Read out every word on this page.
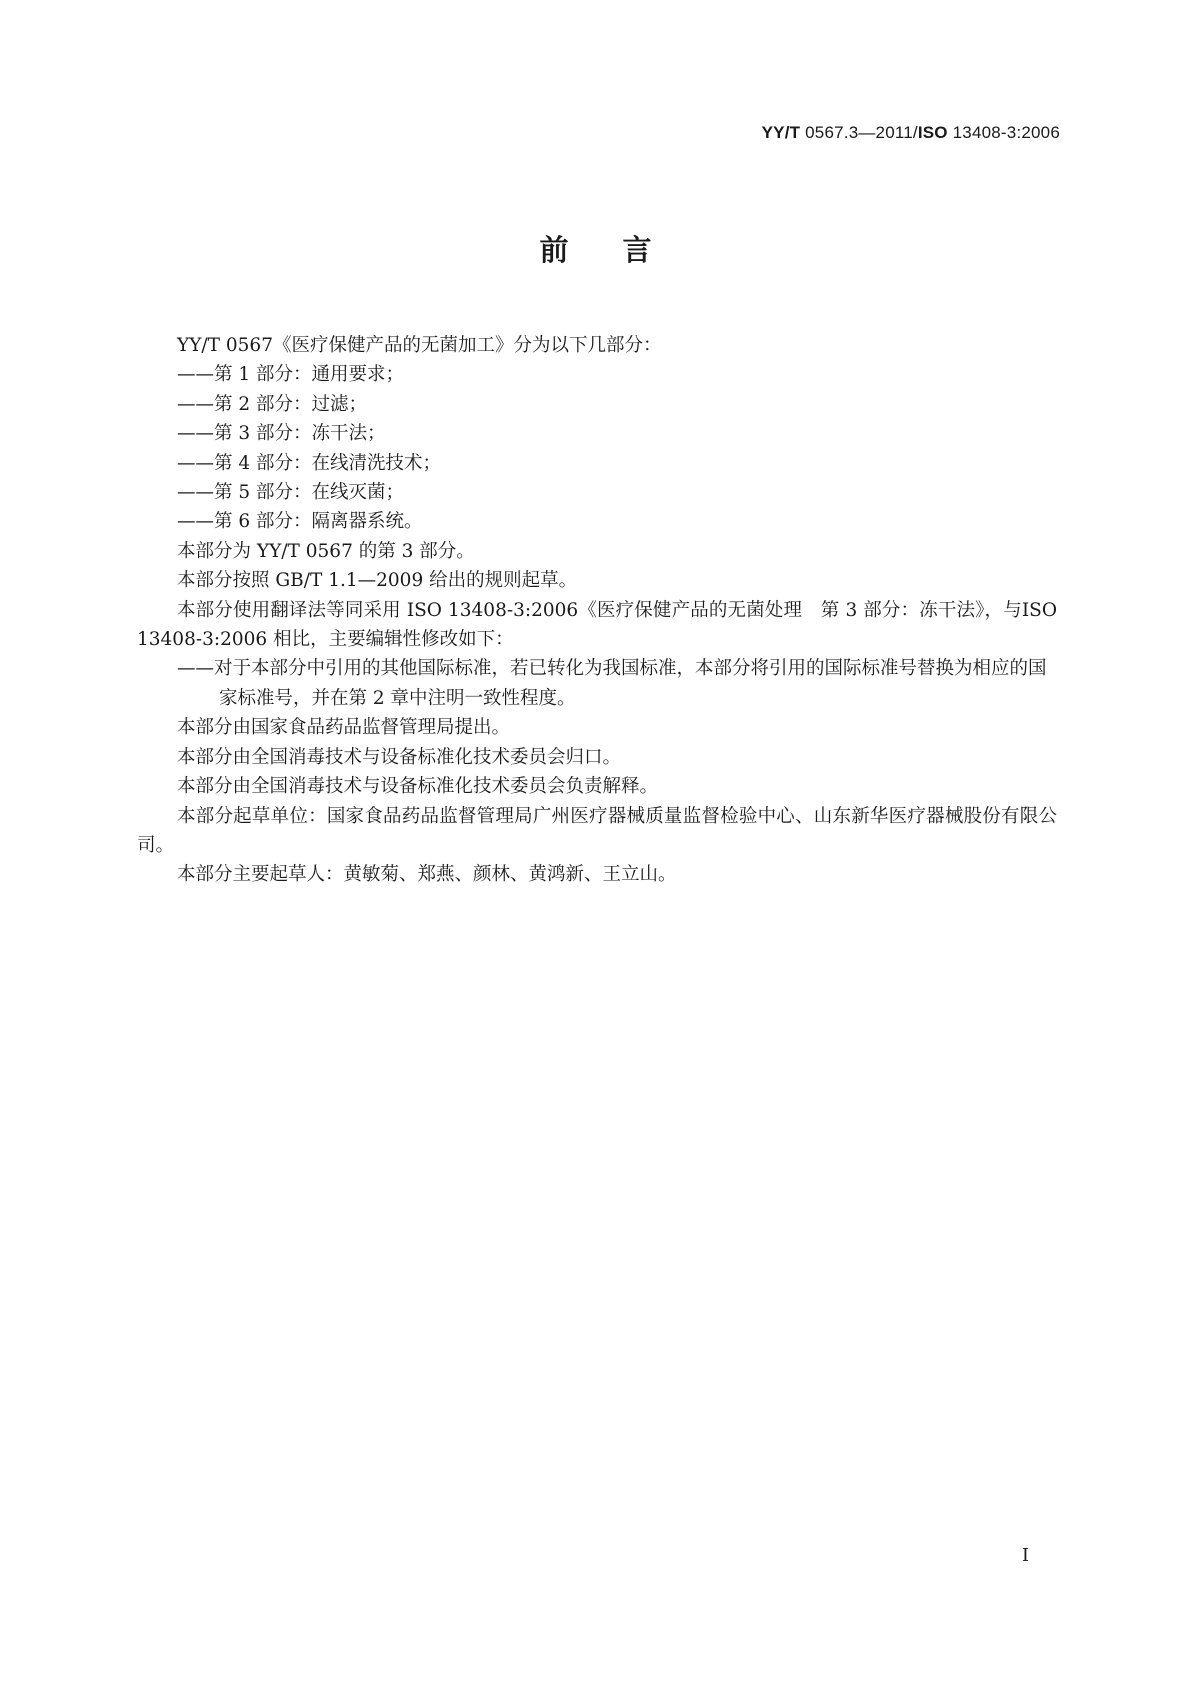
YY/T 0567.3—2011/ISO 13408-3:2006
前言

YY/T 0567《医疗保健产品的无菌加工》分为以下几部分：

——第 1 部分：通用要求；

——第 2 部分：过滤；

——第 3 部分：冻干法；

——第 4 部分：在线清洗技术；

——第 5 部分：在线灭菌；

——第 6 部分：隔离器系统。

本部分为 YY/T 0567 的第 3 部分。

本部分按照 GB/T 1.1—2009 给出的规则起草。

本部分使用翻译法等同采用 ISO 13408-3:2006《医疗保健产品的无菌处理　第 3 部分：冻干法》，与ISO 13408-3:2006 相比，主要编辑性修改如下：

——对于本部分中引用的其他国际标准，若已转化为我国标准，本部分将引用的国际标准号替换为相应的国家标准号，并在第 2 章中注明一致性程度。

本部分由国家食品药品监督管理局提出。

本部分由全国消毒技术与设备标准化技术委员会归口。

本部分由全国消毒技术与设备标准化技术委员会负责解释。

本部分起草单位：国家食品药品监督管理局广州医疗器械质量监督检验中心、山东新华医疗器械股份有限公司。

本部分主要起草人：黄敏菊、郑燕、颜林、黄鸿新、王立山。

I
